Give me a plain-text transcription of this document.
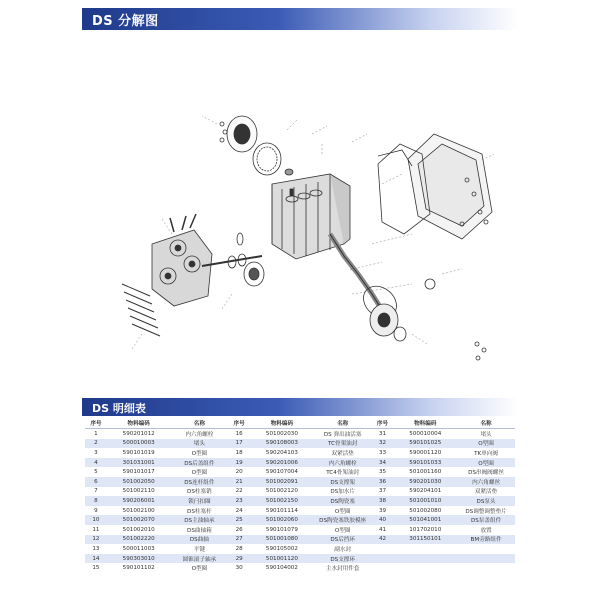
DS 分解图
DS 明细表
序号	物料编码	名称	序号	物料编码	名称	序号	物料编码	名称
1	590201012	内六角螺栓	16	501002030	DS 弹出油活塞	31	500010004	堵头
2	500010003	堵头	17	590108003	TC骨架油封	32	590101025	O型圈
3	590101019	O型圈	18	590204103	双紧活垫	33	590001120	TK单向阀
4	301031001	DS后盖组件	19	590201006	内六角螺栓	34	590101033	O型圈
5	590101017	O型圈	20	590107004	TC4骨架油封	35	501001160	DS串阀阀螺丝
6	501002050	DS连杆组件	21	501002091	DS支撑架	36	590201030	内六角螺丝
7	501002110	DS柱塞销	22	501002120	DS加水片	37	590204101	双紧活垫
8	590206001	锁闩扣圈	23	501002150	DS陶瓷塞	38	501001010	DS泵头
9	501002100	DS柱塞杆	24	590101114	O型圈	39	501002080	DS调整调整垫片
10	501002070	DS主油轴承	25	501002060	DS陶瓷塞铁胶模座	40	501041001	DS泵盖组件
11	501002010	DS曲轴箱	26	590101079	O型圈	41	101702010	放置
12	501002220	DS曲轴	27	501001080	DS后挡环	42	301150101	BM旁路组件
13	500011003	平键	28	590105002	副水封			
14	590303010	圆锥滚子轴承	29	501001120	DS支撑环			
15	590101102	O型圈	30	590104002	主水封用件套			
